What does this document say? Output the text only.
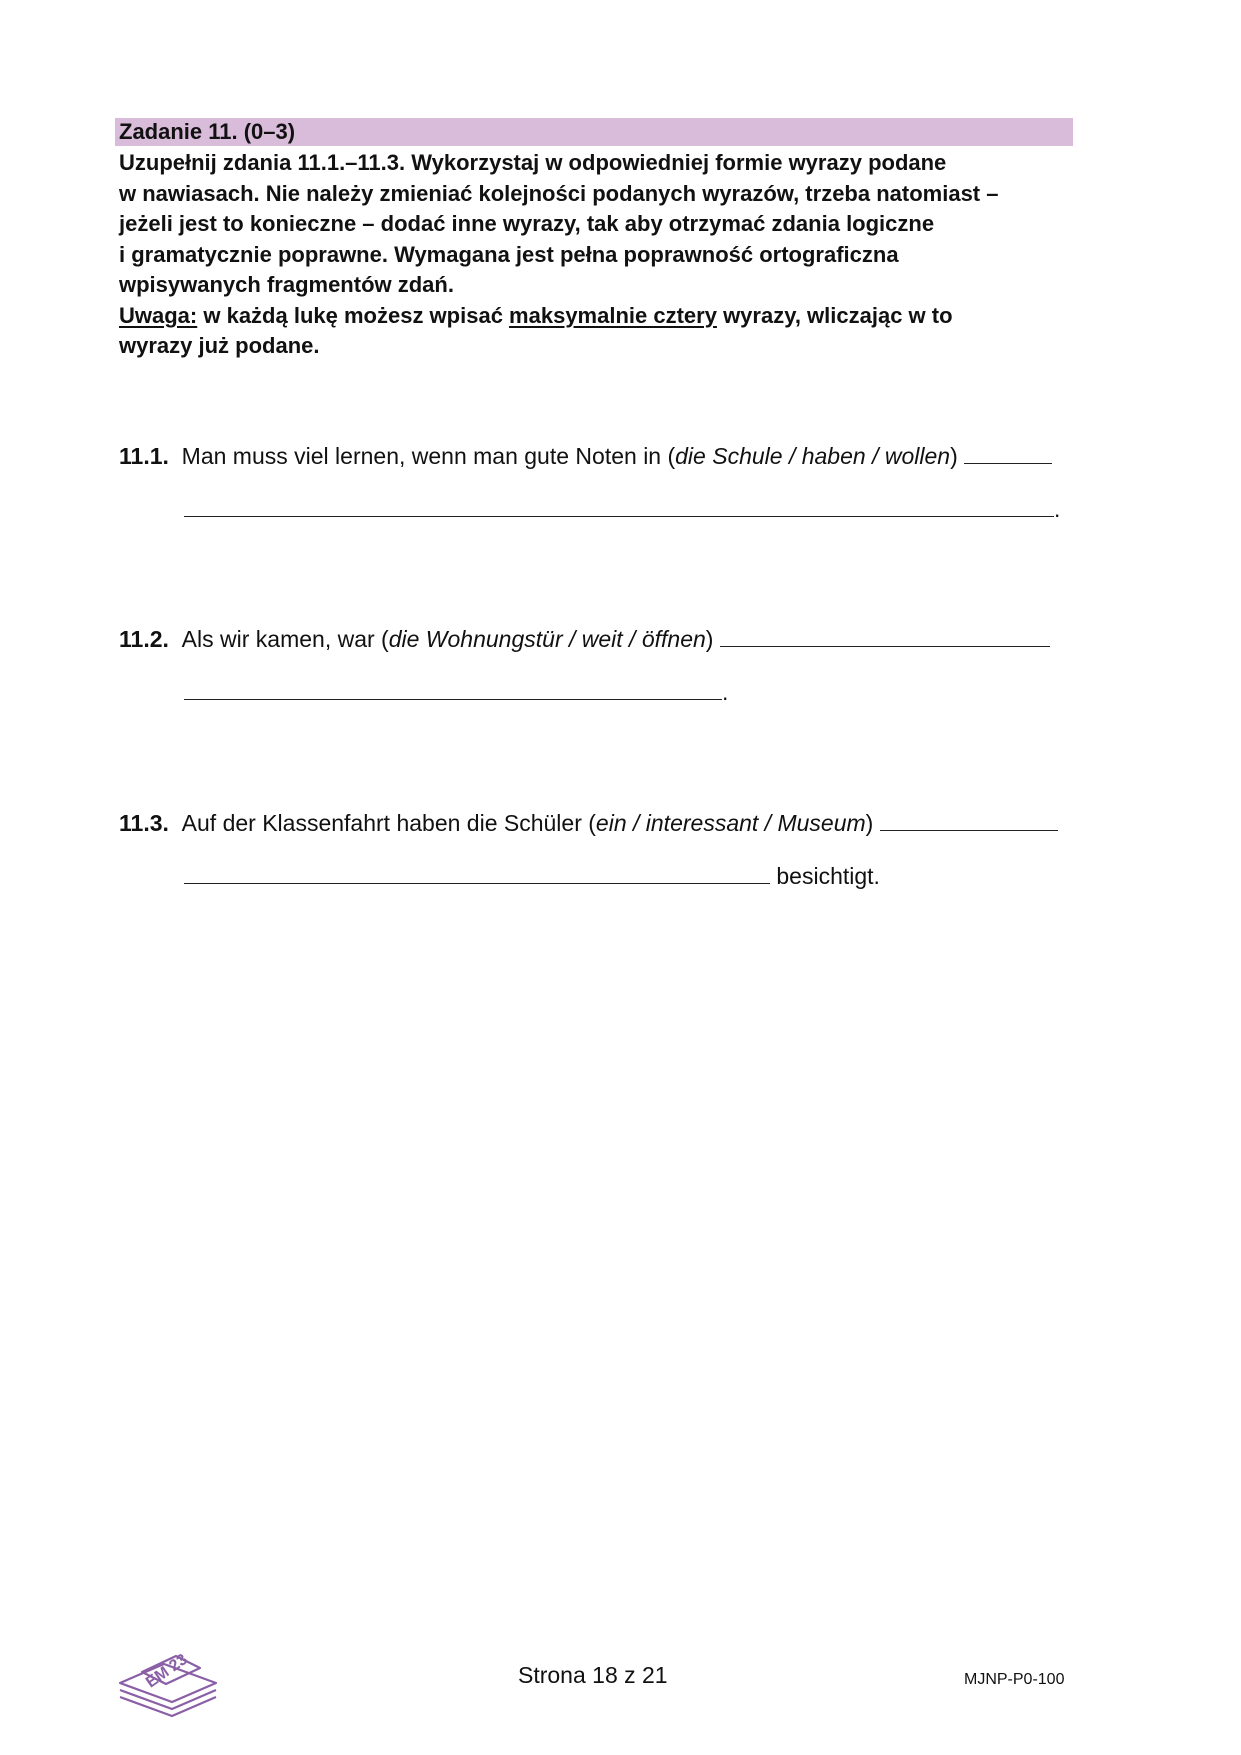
Zadanie 11. (0–3)

Uzupełnij zdania 11.1.–11.3. Wykorzystaj w odpowiedniej formie wyrazy podane

w nawiasach. Nie należy zmieniać kolejności podanych wyrazów, trzeba natomiast –

jeżeli jest to konieczne – dodać inne wyrazy, tak aby otrzymać zdania logiczne

i gramatycznie poprawne. Wymagana jest pełna poprawność ortograficzna

wpisywanych fragmentów zdań.

Uwaga: w każdą lukę możesz wpisać maksymalnie cztery wyrazy, wliczając w to

wyrazy już podane.

11.1. Man muss viel lernen, wenn man gute Noten in (die Schule / haben / wollen)
.
11.2. Als wir kamen, war (die Wohnungstür / weit / öffnen)
.
11.3. Auf der Klassenfahrt haben die Schüler (ein / interessant / Museum)
besichtigt.
EM 23	Strona 18 z 21	MJNP-P0-100
